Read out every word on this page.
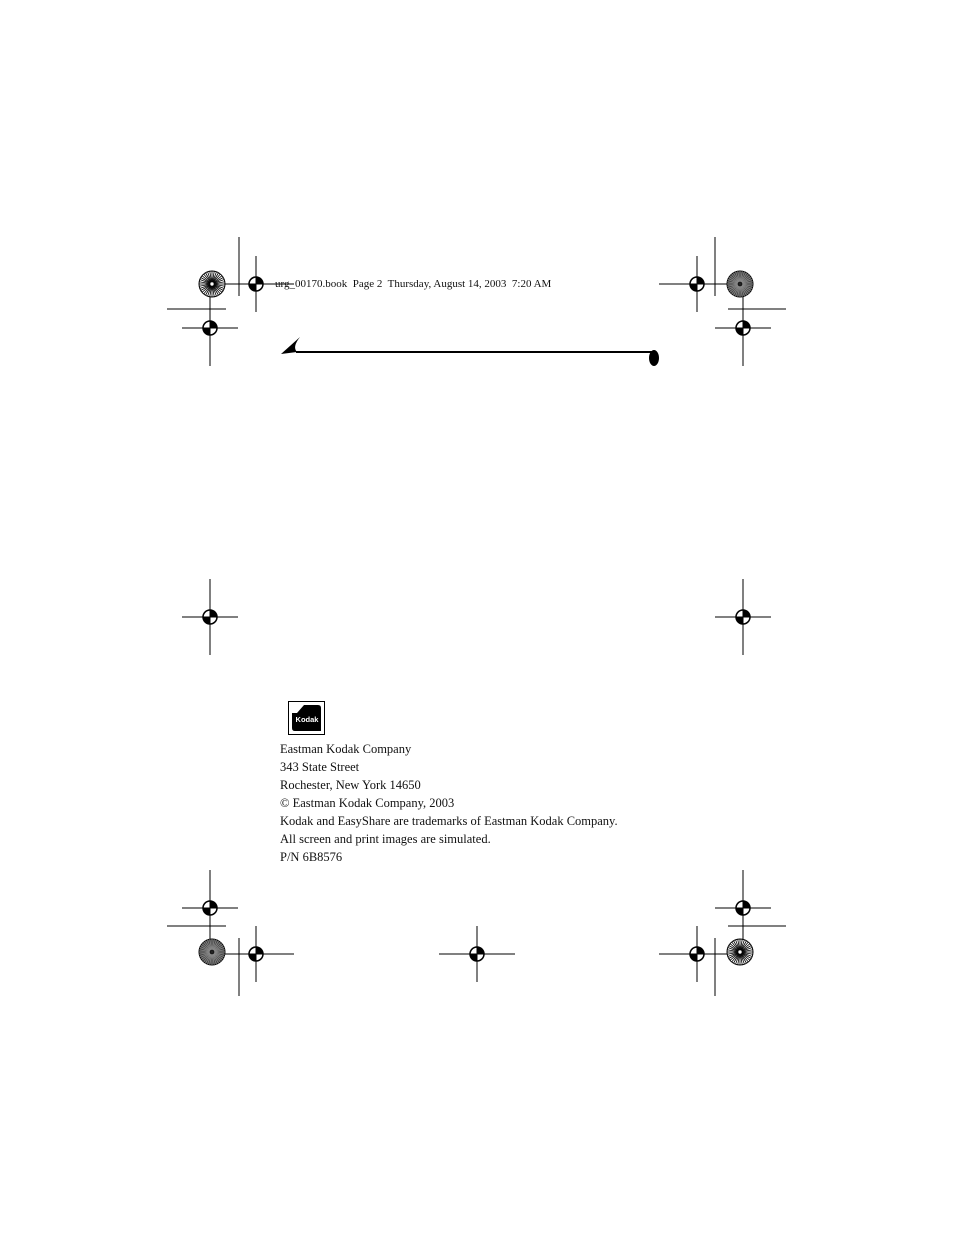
urg_00170.book  Page 2  Thursday, August 14, 2003  7:20 AM
Kodak
Eastman Kodak Company
343 State Street
Rochester, New York 14650
© Eastman Kodak Company, 2003
Kodak and EasyShare are trademarks of Eastman Kodak Company.
All screen and print images are simulated.
P/N 6B8576
